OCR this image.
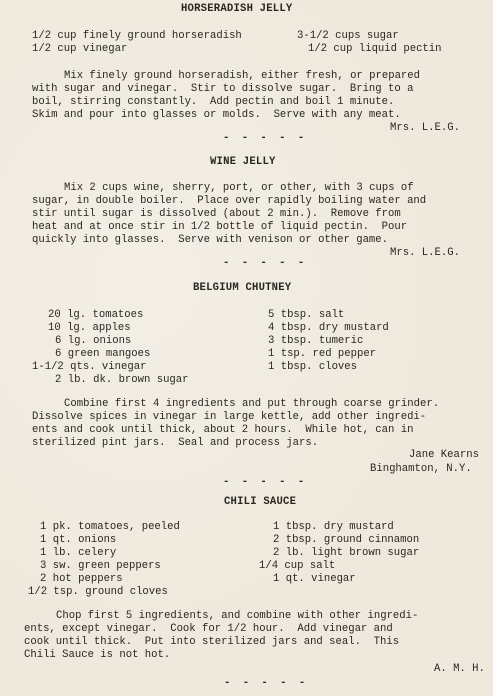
HORSERADISH JELLY
1/2 cup finely ground horseradish
1/2 cup vinegar
3-1/2 cups sugar
1/2 cup liquid pectin
Mix finely ground horseradish, either fresh, or prepared
with sugar and vinegar.  Stir to dissolve sugar.  Bring to a
boil, stirring constantly.  Add pectin and boil 1 minute.
Skim and pour into glasses or molds.  Serve with any meat.
Mrs. L.E.G.
- - - - -
WINE JELLY
Mix 2 cups wine, sherry, port, or other, with 3 cups of
sugar, in double boiler.  Place over rapidly boiling water and
stir until sugar is dissolved (about 2 min.).  Remove from
heat and at once stir in 1/2 bottle of liquid pectin.  Pour
quickly into glasses.  Serve with venison or other game.
Mrs. L.E.G.
- - - - -
BELGIUM CHUTNEY
20 lg. tomatoes
10 lg. apples
6 lg. onions
6 green mangoes
1-1/2 qts. vinegar
2 lb. dk. brown sugar
5 tbsp. salt
4 tbsp. dry mustard
3 tbsp. tumeric
1 tsp. red pepper
1 tbsp. cloves
Combine first 4 ingredients and put through coarse grinder.
Dissolve spices in vinegar in large kettle, add other ingredi-
ents and cook until thick, about 2 hours.  While hot, can in
sterilized pint jars.  Seal and process jars.
Jane Kearns
Binghamton, N.Y.
- - - - -
CHILI SAUCE
1 pk. tomatoes, peeled
1 qt. onions
1 lb. celery
3 sw. green peppers
2 hot peppers
1/2 tsp. ground cloves
1 tbsp. dry mustard
2 tbsp. ground cinnamon
2 lb. light brown sugar
1/4 cup salt
1 qt. vinegar
Chop first 5 ingredients, and combine with other ingredi-
ents, except vinegar.  Cook for 1/2 hour.  Add vinegar and
cook until thick.  Put into sterilized jars and seal.  This
Chili Sauce is not hot.
A. M. H.
- - - - -
